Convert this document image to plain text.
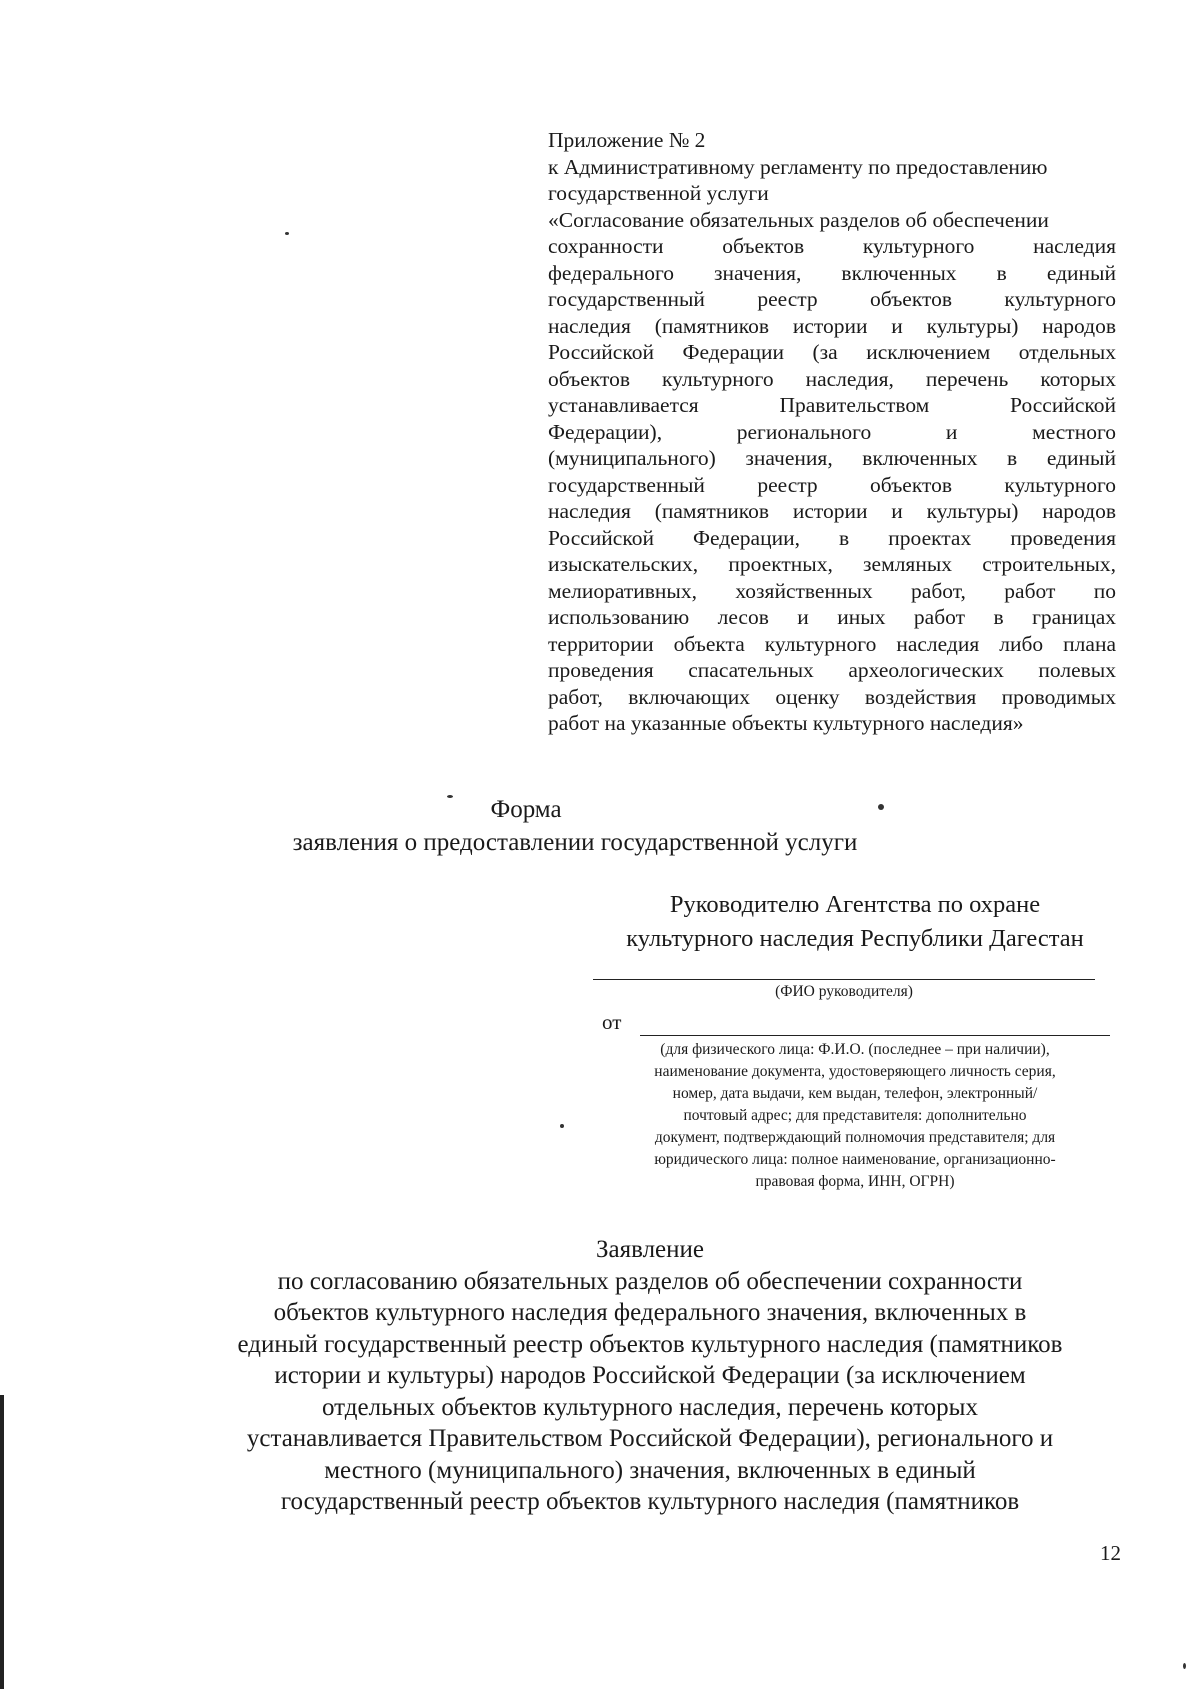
Приложение № 2
к Административному регламенту по предоставлению
государственной услуги
«Согласование обязательных разделов об обеспечении
сохранности объектов культурного наследия
федерального значения, включенных в единый
государственный реестр объектов культурного
наследия (памятников истории и культуры) народов
Российской Федерации (за исключением отдельных
объектов культурного наследия, перечень которых
устанавливается Правительством Российской
Федерации), регионального и местного
(муниципального) значения, включенных в единый
государственный реестр объектов культурного
наследия (памятников истории и культуры) народов
Российской Федерации, в проектах проведения
изыскательских, проектных, земляных строительных,
мелиоративных, хозяйственных работ, работ по
использованию лесов и иных работ в границах
территории объекта культурного наследия либо плана
проведения спасательных археологических полевых
работ, включающих оценку воздействия проводимых
работ на указанные объекты культурного наследия»
Форма
заявления о предоставлении государственной услуги
Руководителю Агентства по охране
культурного наследия Республики Дагестан
(ФИО руководителя)
от
(для физического лица: Ф.И.О. (последнее – при наличии),
наименование документа, удостоверяющего личность серия,
номер, дата выдачи, кем выдан, телефон, электронный/
почтовый адрес; для представителя: дополнительно
документ, подтверждающий полномочия представителя; для
юридического лица: полное наименование, организационно-
правовая форма, ИНН, ОГРН)
Заявление
по согласованию обязательных разделов об обеспечении сохранности
объектов культурного наследия федерального значения, включенных в
единый государственный реестр объектов культурного наследия (памятников
истории и культуры) народов Российской Федерации (за исключением
отдельных объектов культурного наследия, перечень которых
устанавливается Правительством Российской Федерации), регионального и
местного (муниципального) значения, включенных в единый
государственный реестр объектов культурного наследия (памятников
12
